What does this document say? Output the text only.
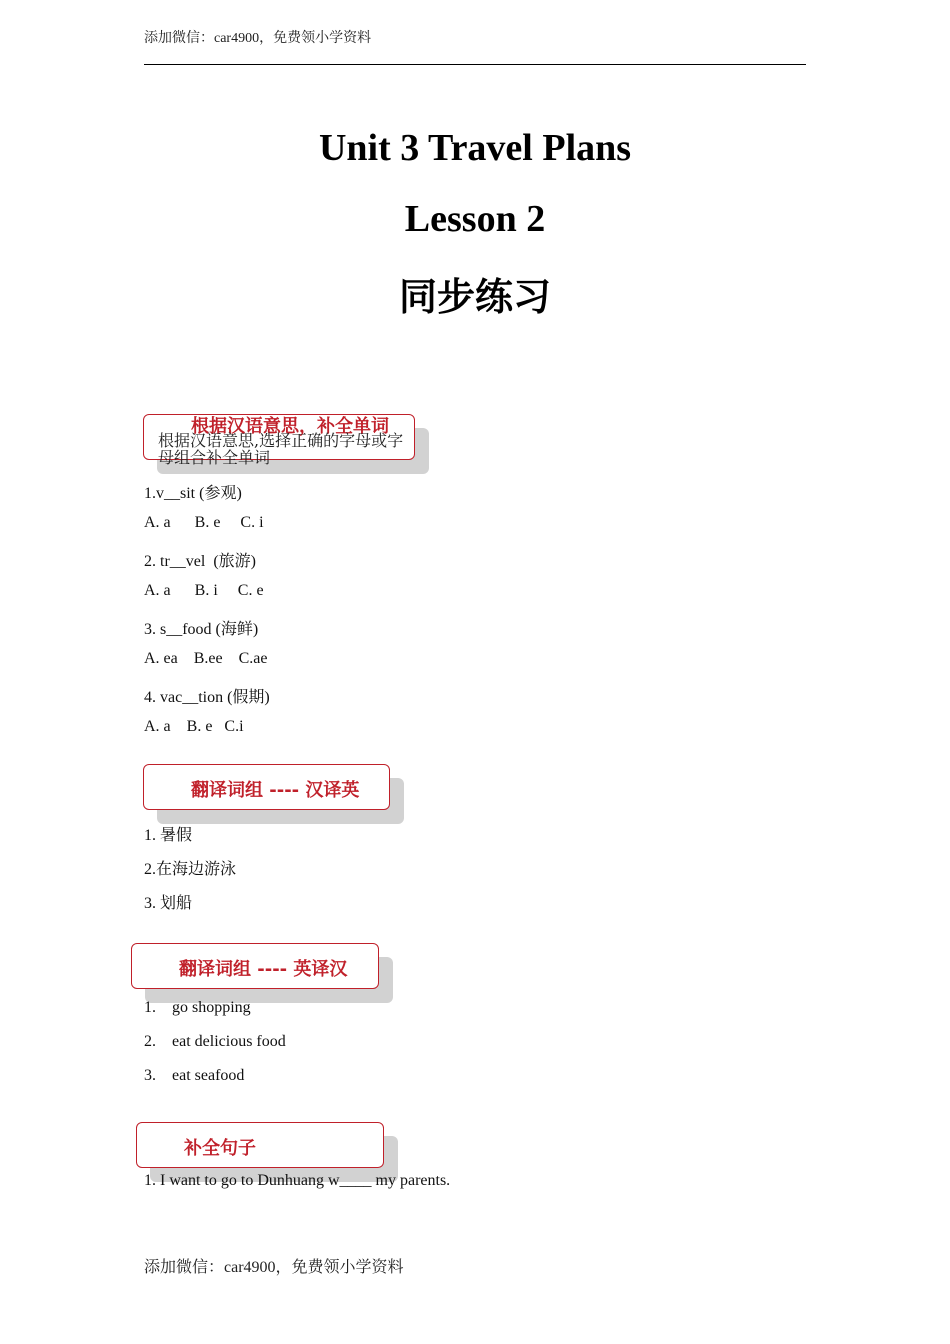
添加微信：car4900，免费领小学资料
Unit 3 Travel Plans
Lesson 2
同步练习
根据汉语意思，补全单词
根据汉语意思,选择正确的字母或字母组合补全单词
1.v__sit (参观)
A. a      B. e     C. i
2. tr__vel  (旅游)
A. a      B. i     C. e
3. s__food (海鲜)
A. ea    B.ee    C.ae
4. vac__tion (假期)
A. a    B. e   C.i
翻译词组 ---- 汉译英
1. 暑假
2.在海边游泳
3. 划船
翻译词组 ---- 英译汉
1. go shopping
2. eat delicious food
3. eat seafood
补全句子
1. I want to go to Dunhuang w____ my parents.
添加微信：car4900，免费领小学资料
